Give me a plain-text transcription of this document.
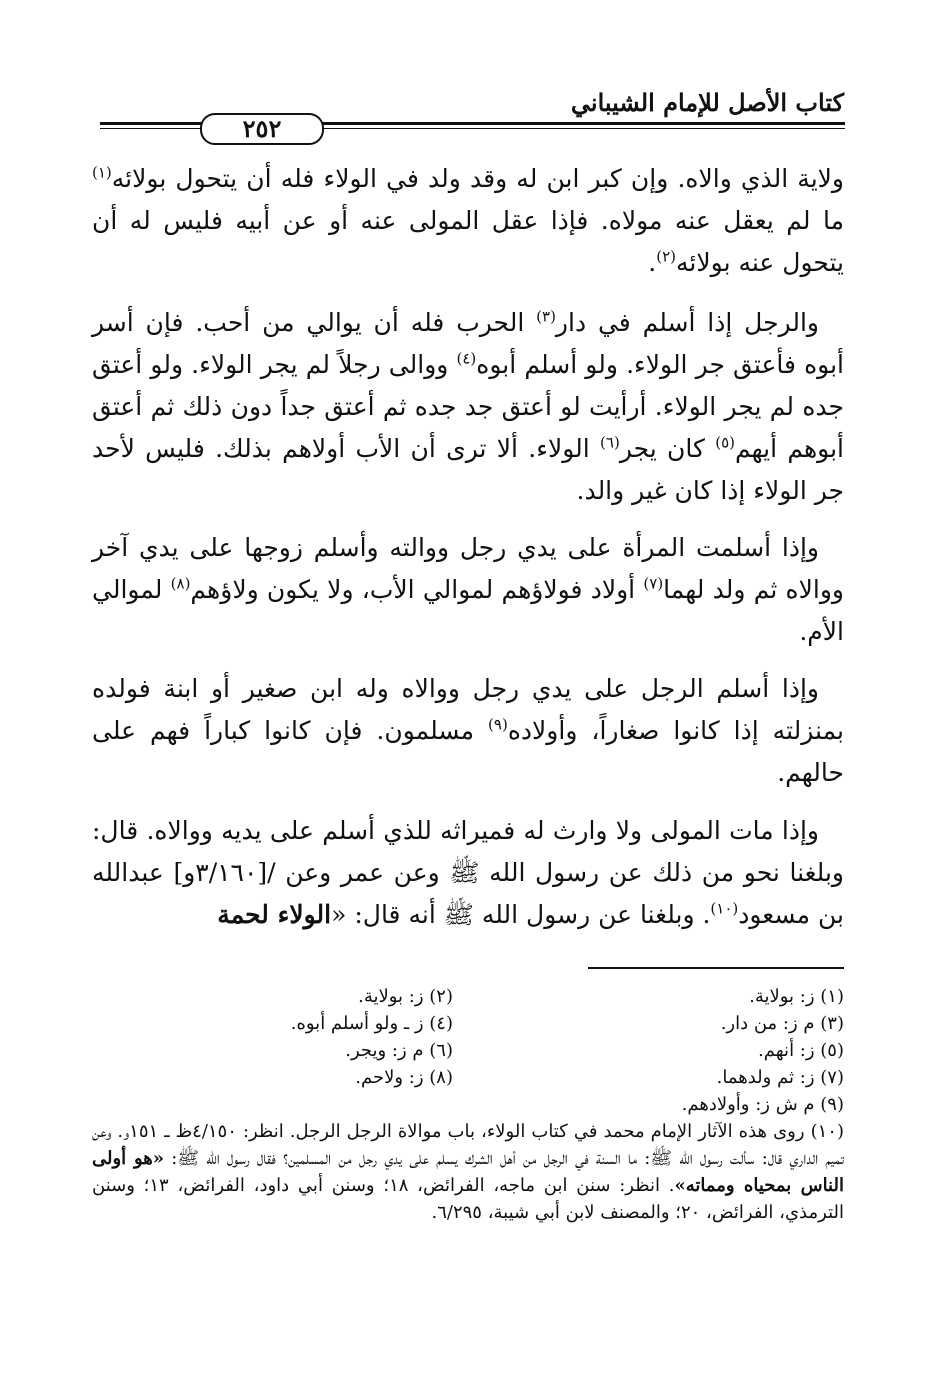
كتاب الأصل للإمام الشيباني
٢٥٢

ولاية الذي والاه. وإن كبر ابن له وقد ولد في الولاء فله أن يتحول بولائه$^{(١)}$ ما لم يعقل عنه مولاه. فإذا عقل المولى عنه أو عن أبيه فليس له أن يتحول عنه بولائه$^{(٢)}$.

 والرجل إذا أسلم في دار$^{(٣)}$ الحرب فله أن يوالي من أحب. فإن أسر أبوه فأعتق جر الولاء. ولو أسلم أبوه$^{(٤)}$ ووالى رجلاً لم يجر الولاء. ولو أعتق جده لم يجر الولاء. أرأيت لو أعتق جد جده ثم أعتق جداً دون ذلك ثم أعتق أبوهم أيهم$^{(٥)}$ كان يجر$^{(٦)}$ الولاء. ألا ترى أن الأب أولاهم بذلك. فليس لأحد جر الولاء إذا كان غير والد.

 وإذا أسلمت المرأة على يدي رجل ووالته وأسلم زوجها على يدي آخر ووالاه ثم ولد لهما$^{(٧)}$ أولاد فولاؤهم لموالي الأب، ولا يكون ولاؤهم$^{(٨)}$ لموالي الأم.

 وإذا أسلم الرجل على يدي رجل ووالاه وله ابن صغير أو ابنة فولده بمنزلته إذا كانوا صغاراً، وأولاده$^{(٩)}$ مسلمون. فإن كانوا كباراً فهم على حالهم.

 وإذا مات المولى ولا وارث له فميراثه للذي أسلم على يديه ووالاه. قال: وبلغنا نحو من ذلك عن رسول الله ﷺ وعن عمر وعن /[٣/١٦٠و] عبدالله بن مسعود$^{(١٠)}$. وبلغنا عن رسول الله ﷺ أنه قال: «الولاء لحمة

(١) ز: بولاية.
(٢) ز: بولاية.
(٣) م ز: من دار.
(٤) ز ـ ولو أسلم أبوه.
(٥) ز: أنهم.
(٦) م ز: ويجر.
(٧) ز: ثم ولدهما.
(٨) ز: ولاحم.
(٩) م ش ز: وأولادهم.
(١٠) روى هذه الآثار الإمام محمد في كتاب الولاء، باب موالاة الرجل الرجل. انظر: ٤/١٥٠ظ ـ ١٥١و. وعن تميم الداري قال: سألت رسول الله ﷺ: ما السنة في الرجل من أهل الشرك يسلم على يدي رجل من المسلمين؟ فقال رسول الله ﷺ: «هو أولى الناس بمحياه ومماته». انظر: سنن ابن ماجه، الفرائض، ١٨؛ وسنن أبي داود، الفرائض، ١٣؛ وسنن الترمذي، الفرائض، ٢٠؛ والمصنف لابن أبي شيبة، ٦/٢٩٥.
